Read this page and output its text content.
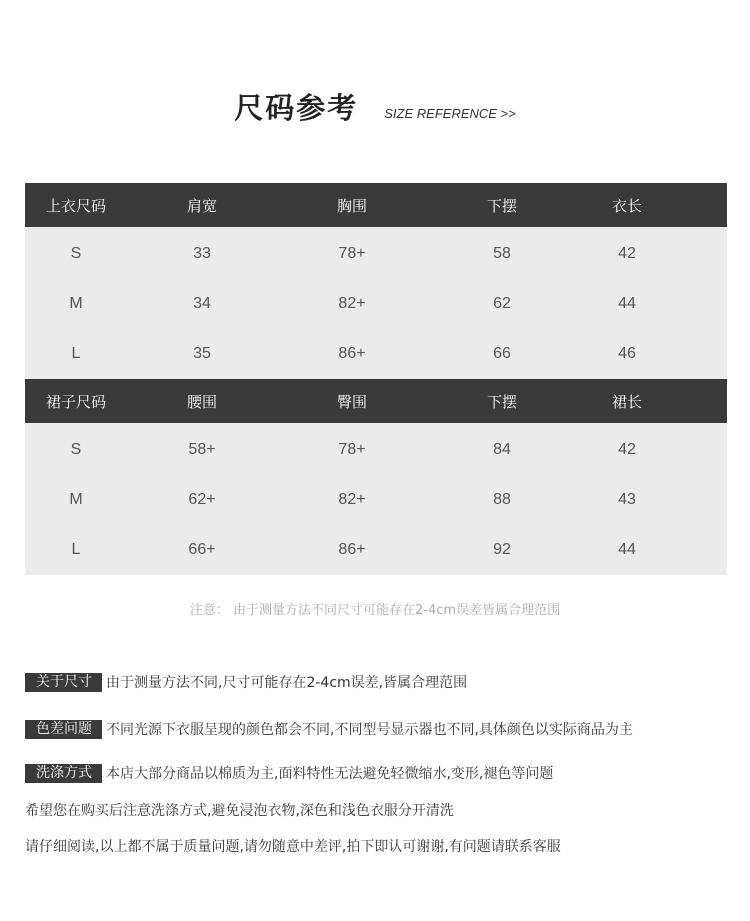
尺码参考 SIZE REFERENCE >>
上衣尺码	肩宽	胸围	下摆	衣长
S	33	78+	58	42
M	34	82+	62	44
L	35	86+	66	46
裙子尺码	腰围	臀围	下摆	裙长
S	58+	78+	84	42
M	62+	82+	88	43
L	66+	86+	92	44
注意： 由于测量方法不同尺寸可能存在2-4cm误差皆属合理范围
关于尺寸	由于测量方法不同,尺寸可能存在2-4cm误差,皆属合理范围
色差问题	不同光源下衣服呈现的颜色都会不同,不同型号显示器也不同,具体颜色以实际商品为主
洗涤方式	本店大部分商品以棉质为主,面料特性无法避免轻微缩水,变形,褪色等问题
希望您在购买后注意洗涤方式,避免浸泡衣物,深色和浅色衣服分开清洗
请仔细阅读,以上都不属于质量问题,请勿随意中差评,拍下即认可谢谢,有问题请联系客服
